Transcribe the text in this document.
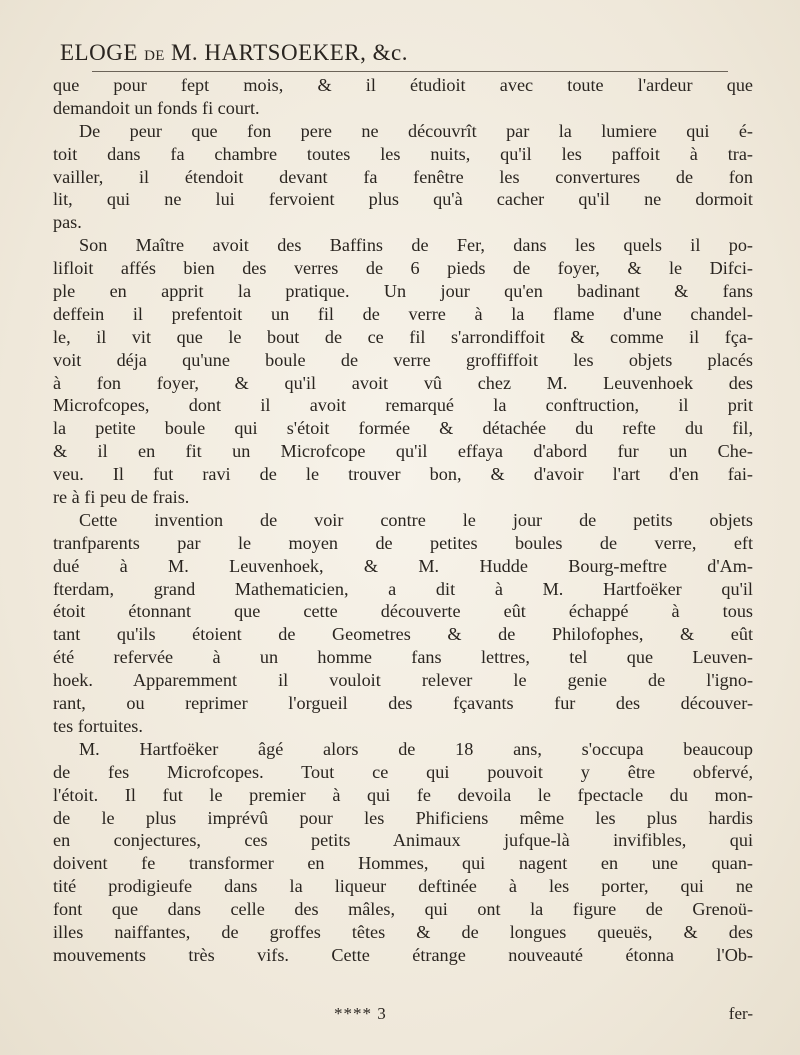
ELOGE DE M. HARTSOEKER, &c.
que pour fept mois, & il étudioit avec toute l'ardeur que
demandoit un fonds fi court.
De peur que fon pere ne découvrît par la lumiere qui é-
toit dans fa chambre toutes les nuits, qu'il les paffoit à tra-
vailler, il étendoit devant fa fenêtre les convertures de fon
lit, qui ne lui fervoient plus qu'à cacher qu'il ne dormoit
pas.
Son Maître avoit des Baffins de Fer, dans les quels il po-
lifloit affés bien des verres de 6 pieds de foyer, & le Difci-
ple en apprit la pratique. Un jour qu'en badinant & fans
deffein il prefentoit un fil de verre à la flame d'une chandel-
le, il vit que le bout de ce fil s'arrondiffoit & comme il fça-
voit déja qu'une boule de verre groffiffoit les objets placés
à fon foyer, & qu'il avoit vû chez M. Leuvenhoek des
Microfcopes, dont il avoit remarqué la conftruction, il prit
la petite boule qui s'étoit formée & détachée du refte du fil,
& il en fit un Microfcope qu'il effaya d'abord fur un Che-
veu. Il fut ravi de le trouver bon, & d'avoir l'art d'en fai-
re à fi peu de frais.
Cette invention de voir contre le jour de petits objets
tranfparents par le moyen de petites boules de verre, eft
dué à M. Leuvenhoek, & M. Hudde Bourg-meftre d'Am-
fterdam, grand Mathematicien, a dit à M. Hartfoëker qu'il
étoit étonnant que cette découverte eût échappé à tous
tant qu'ils étoient de Geometres & de Philofophes, & eût
été refervée à un homme fans lettres, tel que Leuven-
hoek. Apparemment il vouloit relever le genie de l'igno-
rant, ou reprimer l'orgueil des fçavants fur des découver-
tes fortuites.
M. Hartfoëker âgé alors de 18 ans, s'occupa beaucoup
de fes Microfcopes. Tout ce qui pouvoit y être obfervé,
l'étoit. Il fut le premier à qui fe devoila le fpectacle du mon-
de le plus imprévû pour les Phificiens même les plus hardis
en conjectures, ces petits Animaux jufque-là invifibles, qui
doivent fe transformer en Hommes, qui nagent en une quan-
tité prodigieufe dans la liqueur deftinée à les porter, qui ne
font que dans celle des mâles, qui ont la figure de Grenoü-
illes naiffantes, de groffes têtes & de longues queuës, & des
mouvements très vifs. Cette étrange nouveauté étonna l'Ob-
**** 3	fer-
